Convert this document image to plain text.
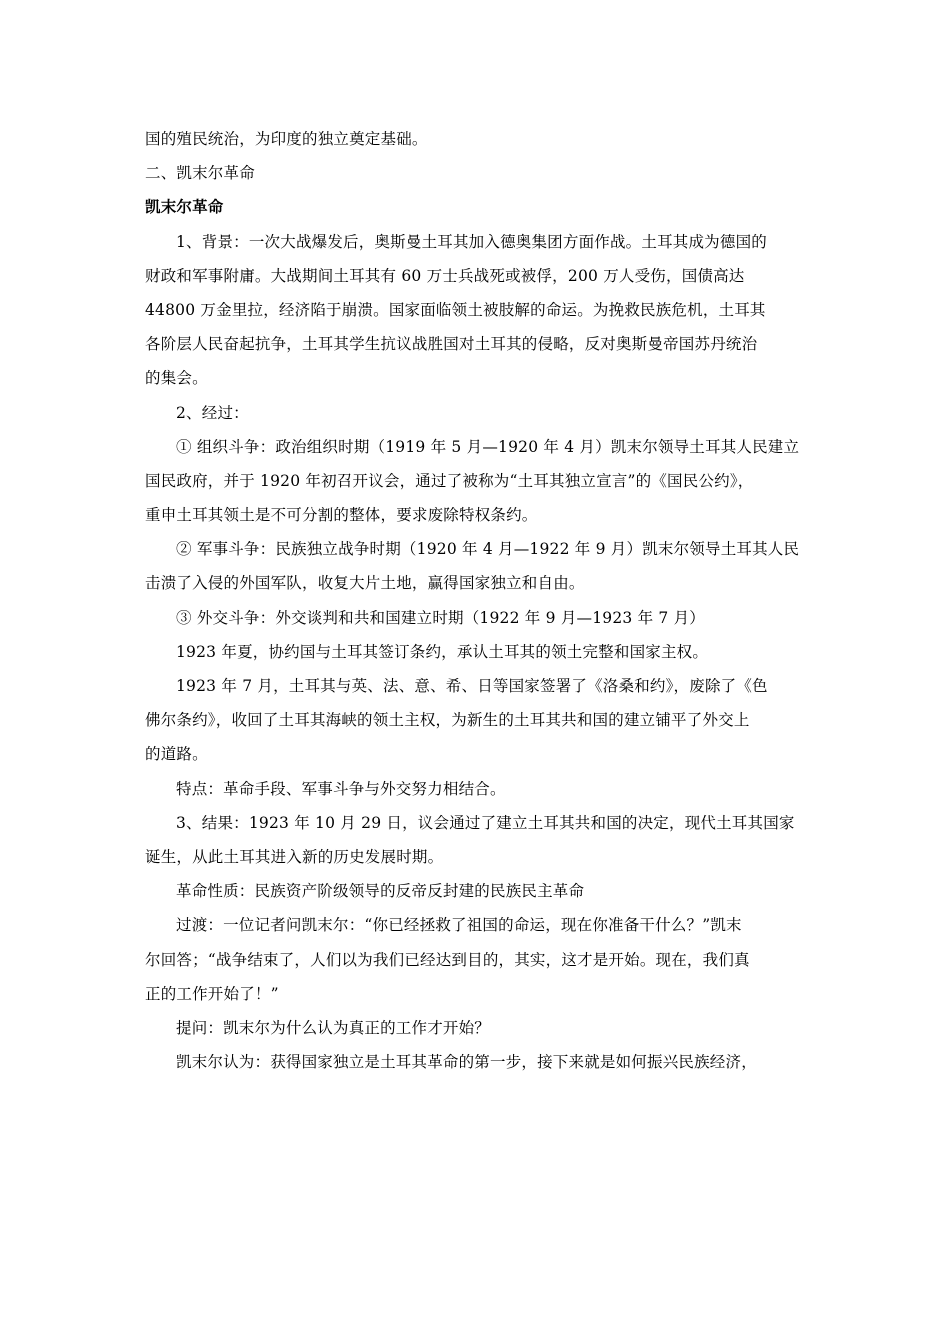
国的殖民统治，为印度的独立奠定基础。
二、凯末尔革命
凯末尔革命
1、背景：一次大战爆发后，奥斯曼土耳其加入德奥集团方面作战。土耳其成为德国的
财政和军事附庸。大战期间土耳其有 60 万士兵战死或被俘，200 万人受伤，国债高达
44800 万金里拉，经济陷于崩溃。国家面临领土被肢解的命运。为挽救民族危机，土耳其
各阶层人民奋起抗争，土耳其学生抗议战胜国对土耳其的侵略，反对奥斯曼帝国苏丹统治
的集会。
2、经过：
① 组织斗争：政治组织时期（1919 年 5 月—1920 年 4 月）凯末尔领导土耳其人民建立
国民政府，并于 1920 年初召开议会，通过了被称为“土耳其独立宣言”的《国民公约》，
重申土耳其领土是不可分割的整体，要求废除特权条约。
② 军事斗争：民族独立战争时期（1920 年 4 月—1922 年 9 月）凯末尔领导土耳其人民
击溃了入侵的外国军队，收复大片土地，赢得国家独立和自由。
③ 外交斗争：外交谈判和共和国建立时期（1922 年 9 月—1923 年 7 月）
1923 年夏，协约国与土耳其签订条约，承认土耳其的领土完整和国家主权。
1923 年 7 月，土耳其与英、法、意、希、日等国家签署了《洛桑和约》，废除了《色
佛尔条约》，收回了土耳其海峡的领土主权，为新生的土耳其共和国的建立铺平了外交上
的道路。
特点：革命手段、军事斗争与外交努力相结合。
3、结果：1923 年 10 月 29 日，议会通过了建立土耳其共和国的决定，现代土耳其国家
诞生，从此土耳其进入新的历史发展时期。
革命性质：民族资产阶级领导的反帝反封建的民族民主革命
过渡：一位记者问凯末尔：“你已经拯救了祖国的命运，现在你准备干什么？”凯末
尔回答；“战争结束了，人们以为我们已经达到目的，其实，这才是开始。现在，我们真
正的工作开始了！”
提问：凯末尔为什么认为真正的工作才开始？
凯末尔认为：获得国家独立是土耳其革命的第一步，接下来就是如何振兴民族经济，
